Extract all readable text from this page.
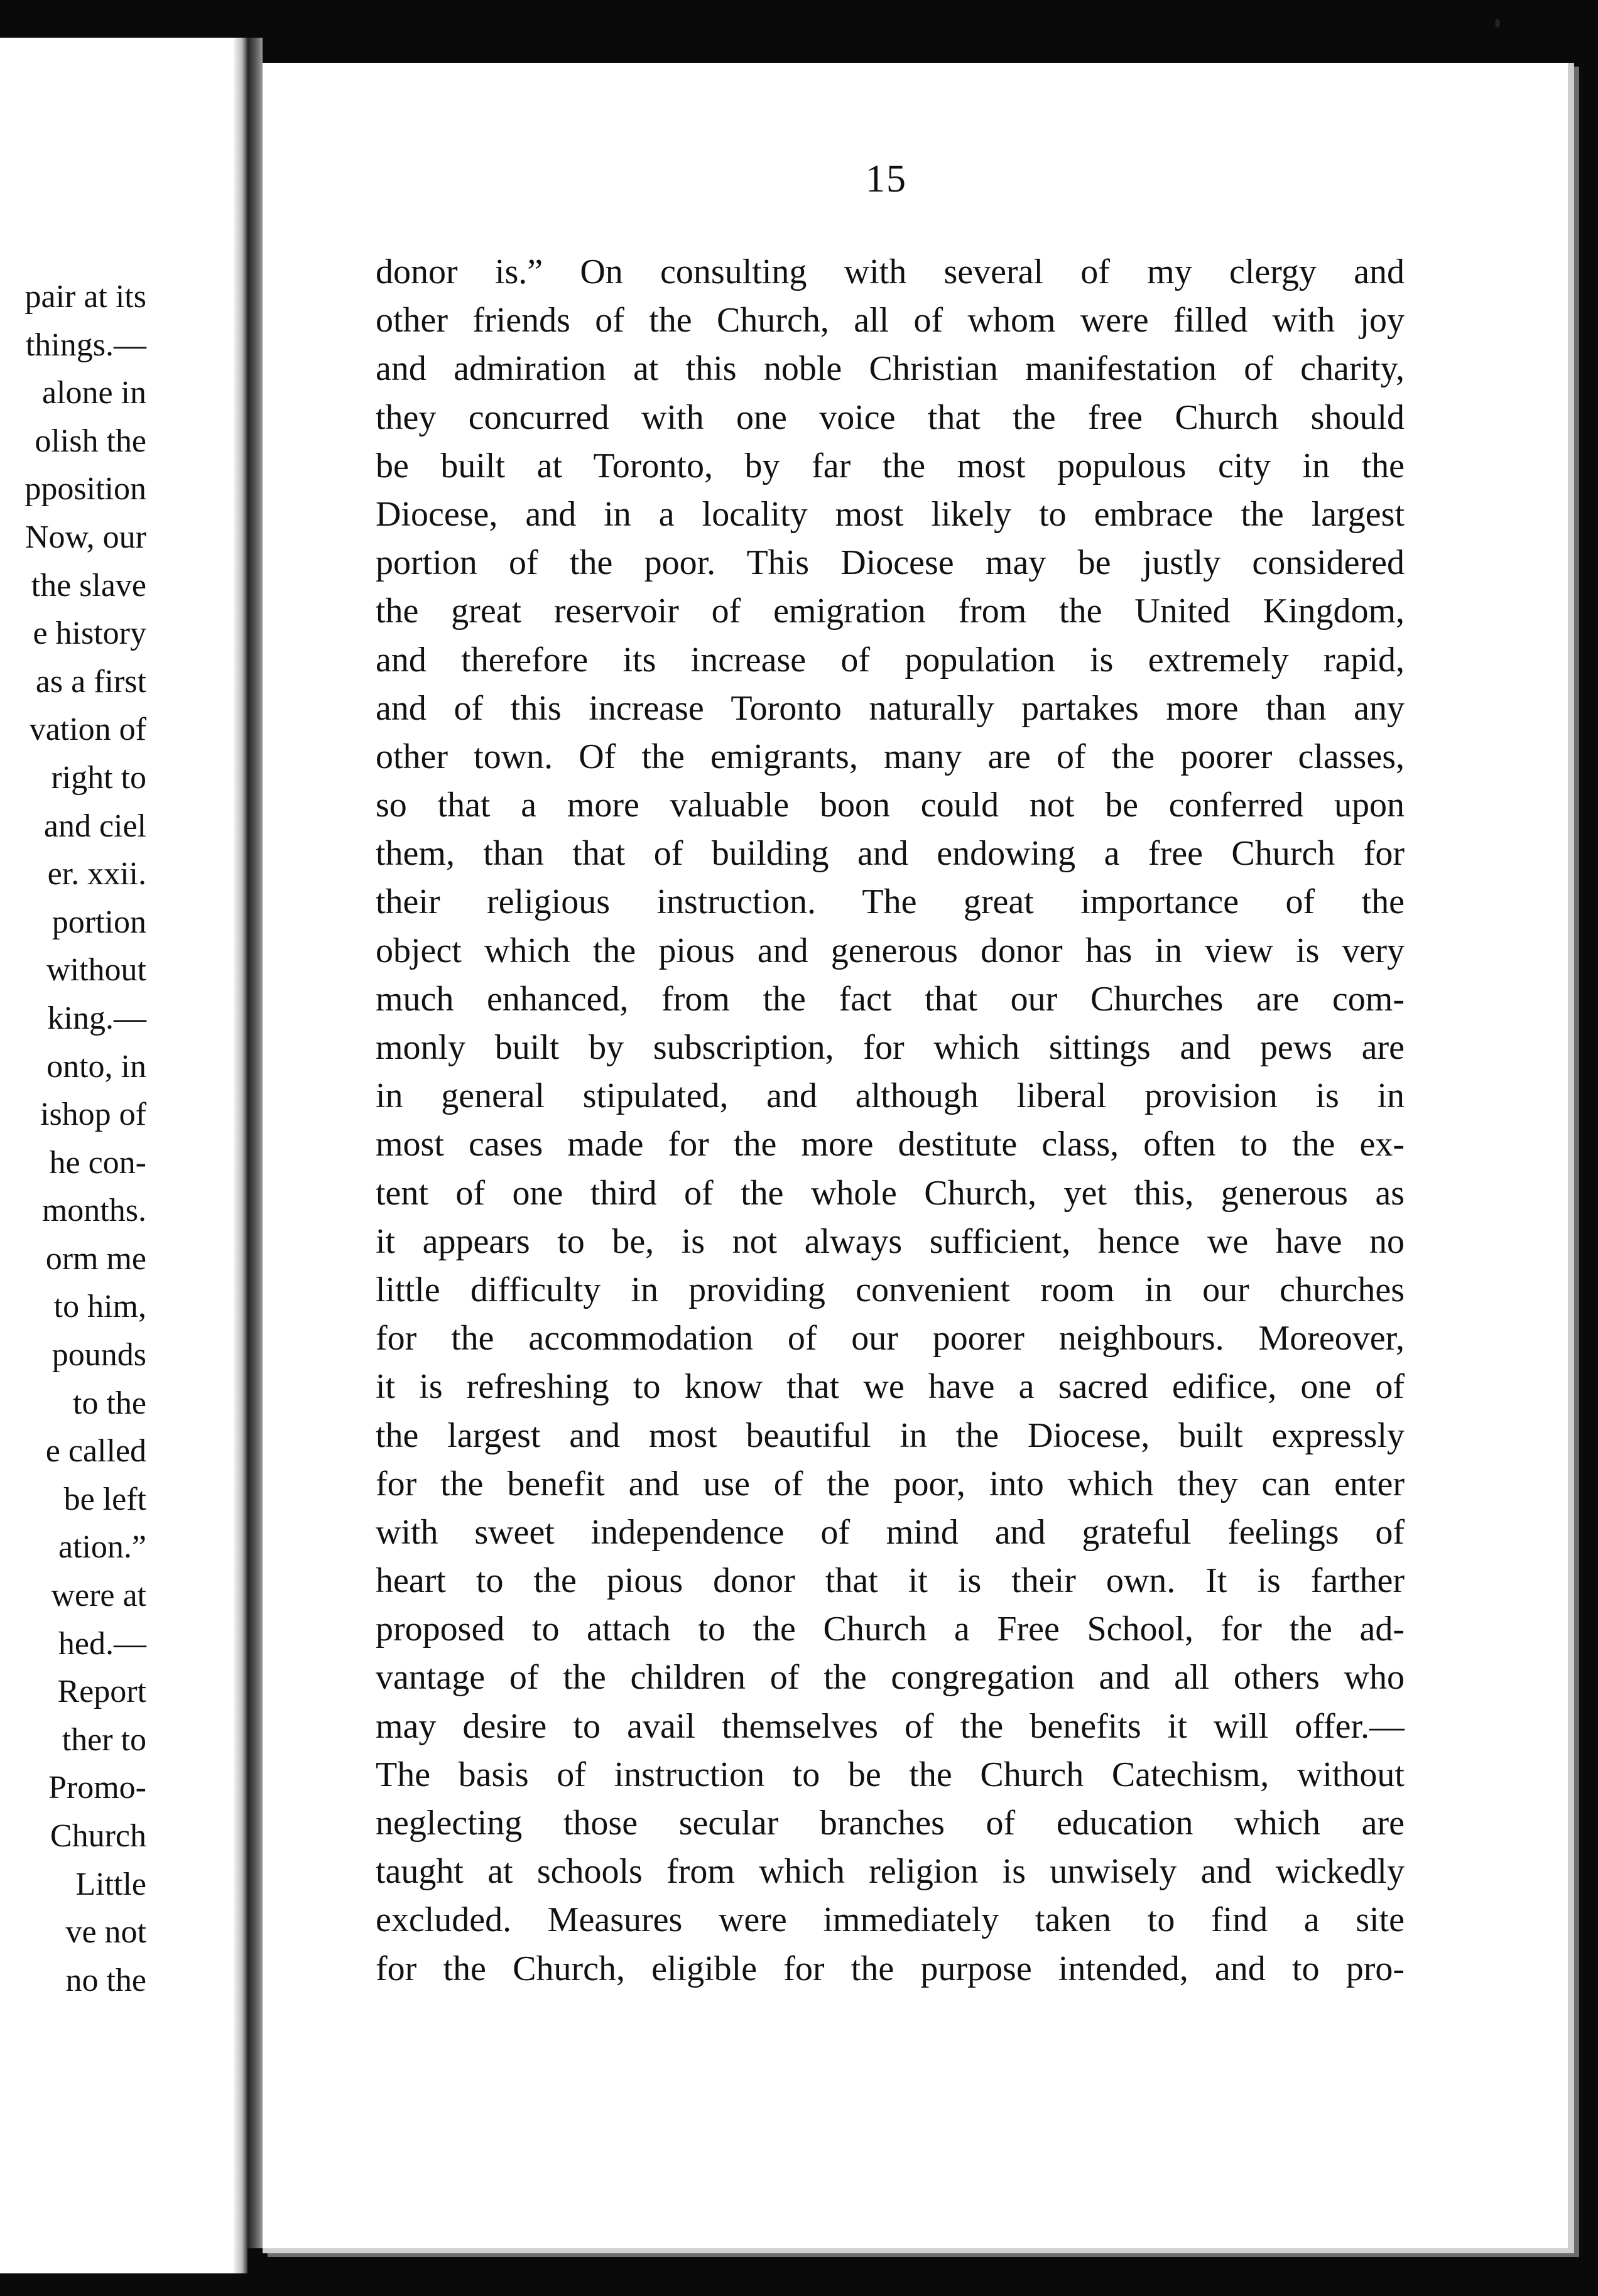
pair at its
things.—
alone in
olish the
pposition
Now, our
the slave
e history
as a first
vation of
right to
and ciel
er. xxii.
portion
without
king.—
onto, in
ishop of
he con-
months.
orm me
to him,
pounds
to the
e called
be left
ation.”
were at
hed.—
Report
ther to
Promo-
Church
Little
ve not
no the
15
donor is.” On consulting with several of my clergy and
other friends of the Church, all of whom were filled with joy
and admiration at this noble Christian manifestation of charity,
they concurred with one voice that the free Church should
be built at Toronto, by far the most populous city in the
Diocese, and in a locality most likely to embrace the largest
portion of the poor. This Diocese may be justly considered
the great reservoir of emigration from the United Kingdom,
and therefore its increase of population is extremely rapid,
and of this increase Toronto naturally partakes more than any
other town. Of the emigrants, many are of the poorer classes,
so that a more valuable boon could not be conferred upon
them, than that of building and endowing a free Church for
their religious instruction. The great importance of the
object which the pious and generous donor has in view is very
much enhanced, from the fact that our Churches are com-
monly built by subscription, for which sittings and pews are
in general stipulated, and although liberal provision is in
most cases made for the more destitute class, often to the ex-
tent of one third of the whole Church, yet this, generous as
it appears to be, is not always sufficient, hence we have no
little difficulty in providing convenient room in our churches
for the accommodation of our poorer neighbours. Moreover,
it is refreshing to know that we have a sacred edifice, one of
the largest and most beautiful in the Diocese, built expressly
for the benefit and use of the poor, into which they can enter
with sweet independence of mind and grateful feelings of
heart to the pious donor that it is their own. It is farther
proposed to attach to the Church a Free School, for the ad-
vantage of the children of the congregation and all others who
may desire to avail themselves of the benefits it will offer.—
The basis of instruction to be the Church Catechism, without
neglecting those secular branches of education which are
taught at schools from which religion is unwisely and wickedly
excluded. Measures were immediately taken to find a site
for the Church, eligible for the purpose intended, and to pro-
